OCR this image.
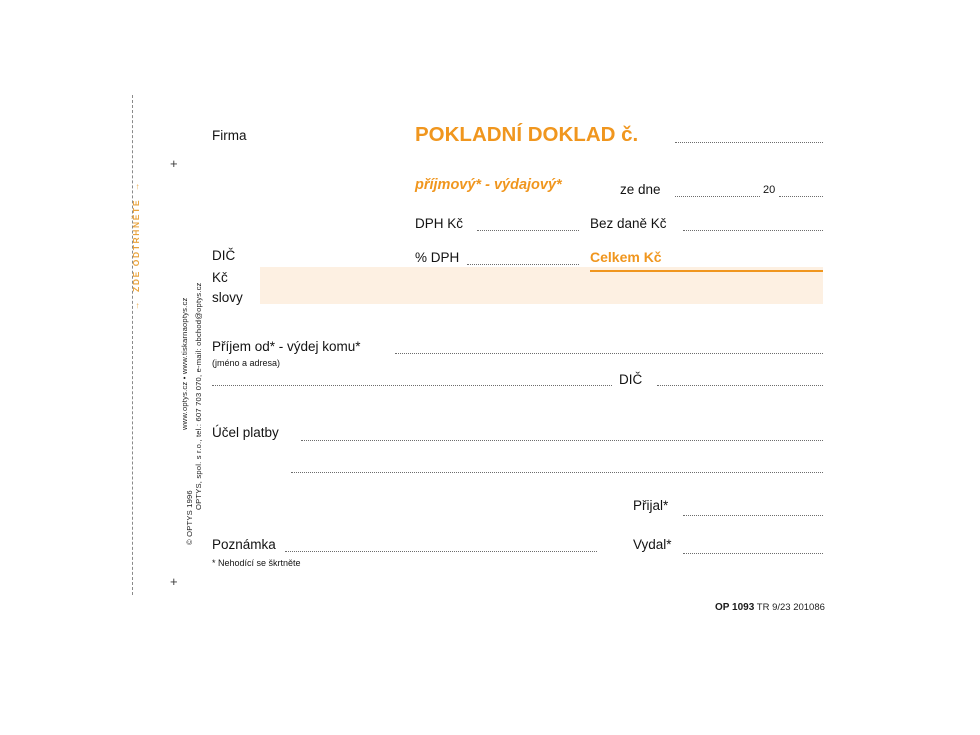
+
+
→  ZDE ODTRHNĚTE  →
www.optys.cz • www.tiskarnaoptys.cz OPTYS, spol. s r.o., tel.: 607 703 070, e-mail: obchod@optys.cz
© OPTYS 1996
Firma	POKLADNÍ DOKLAD č.
příjmový* - výdajový*	ze dne	20
DPH Kč	Bez daně Kč
DIČ	% DPH	Celkem Kč
Kč
slovy
Příjem od* - výdej komu*
(jméno a adresa)
DIČ
Účel platby
Přijal*
Vydal*
Poznámka
* Nehodící se škrtněte
OP 1093 TR 9/23 201086
